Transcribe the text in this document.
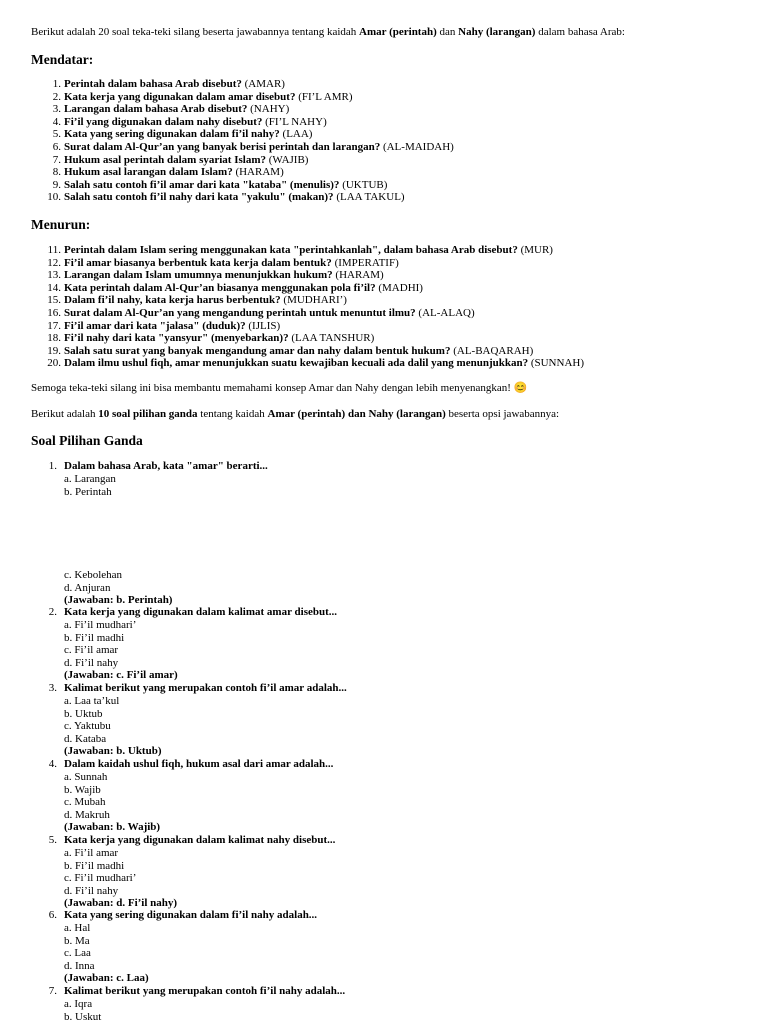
Berikut adalah 20 soal teka-teki silang beserta jawabannya tentang kaidah Amar (perintah) dan Nahy (larangan) dalam bahasa Arab:

Mendatar:
1. Perintah dalam bahasa Arab disebut? (AMAR)
2. Kata kerja yang digunakan dalam amar disebut? (FI’L AMR)
3. Larangan dalam bahasa Arab disebut? (NAHY)
4. Fi’il yang digunakan dalam nahy disebut? (FI’L NAHY)
5. Kata yang sering digunakan dalam fi’il nahy? (LAA)
6. Surat dalam Al-Qur’an yang banyak berisi perintah dan larangan? (AL-MAIDAH)
7. Hukum asal perintah dalam syariat Islam? (WAJIB)
8. Hukum asal larangan dalam Islam? (HARAM)
9. Salah satu contoh fi’il amar dari kata "kataba" (menulis)? (UKTUB)
10. Salah satu contoh fi’il nahy dari kata "yakulu" (makan)? (LAA TAKUL)
Menurun:
11. Perintah dalam Islam sering menggunakan kata "perintahkanlah", dalam bahasa Arab disebut? (MUR)
12. Fi’il amar biasanya berbentuk kata kerja dalam bentuk? (IMPERATIF)
13. Larangan dalam Islam umumnya menunjukkan hukum? (HARAM)
14. Kata perintah dalam Al-Qur’an biasanya menggunakan pola fi’il? (MADHI)
15. Dalam fi’il nahy, kata kerja harus berbentuk? (MUDHARI’)
16. Surat dalam Al-Qur’an yang mengandung perintah untuk menuntut ilmu? (AL-ALAQ)
17. Fi’il amar dari kata "jalasa" (duduk)? (IJLIS)
18. Fi’il nahy dari kata "yansyur" (menyebarkan)? (LAA TANSHUR)
19. Salah satu surat yang banyak mengandung amar dan nahy dalam bentuk hukum? (AL-BAQARAH)
20. Dalam ilmu ushul fiqh, amar menunjukkan suatu kewajiban kecuali ada dalil yang menunjukkan? (SUNNAH)

Semoga teka-teki silang ini bisa membantu memahami konsep Amar dan Nahy dengan lebih menyenangkan! 😊

Berikut adalah 10 soal pilihan ganda tentang kaidah Amar (perintah) dan Nahy (larangan) beserta opsi jawabannya:

Soal Pilihan Ganda
1. Dalam bahasa Arab, kata "amar" berarti...
a. Larangan
b. Perintah
c. Kebolehan
d. Anjuran
(Jawaban: b. Perintah)
2. Kata kerja yang digunakan dalam kalimat amar disebut...
a. Fi’il mudhari’
b. Fi’il madhi
c. Fi’il amar
d. Fi’il nahy
(Jawaban: c. Fi’il amar)
3. Kalimat berikut yang merupakan contoh fi’il amar adalah...
a. Laa ta’kul
b. Uktub
c. Yaktubu
d. Kataba
(Jawaban: b. Uktub)
4. Dalam kaidah ushul fiqh, hukum asal dari amar adalah...
a. Sunnah
b. Wajib
c. Mubah
d. Makruh
(Jawaban: b. Wajib)
5. Kata kerja yang digunakan dalam kalimat nahy disebut...
a. Fi’il amar
b. Fi’il madhi
c. Fi’il mudhari’
d. Fi’il nahy
(Jawaban: d. Fi’il nahy)
6. Kata yang sering digunakan dalam fi’il nahy adalah...
a. Hal
b. Ma
c. Laa
d. Inna
(Jawaban: c. Laa)
7. Kalimat berikut yang merupakan contoh fi’il nahy adalah...
a. Iqra
b. Uskut
